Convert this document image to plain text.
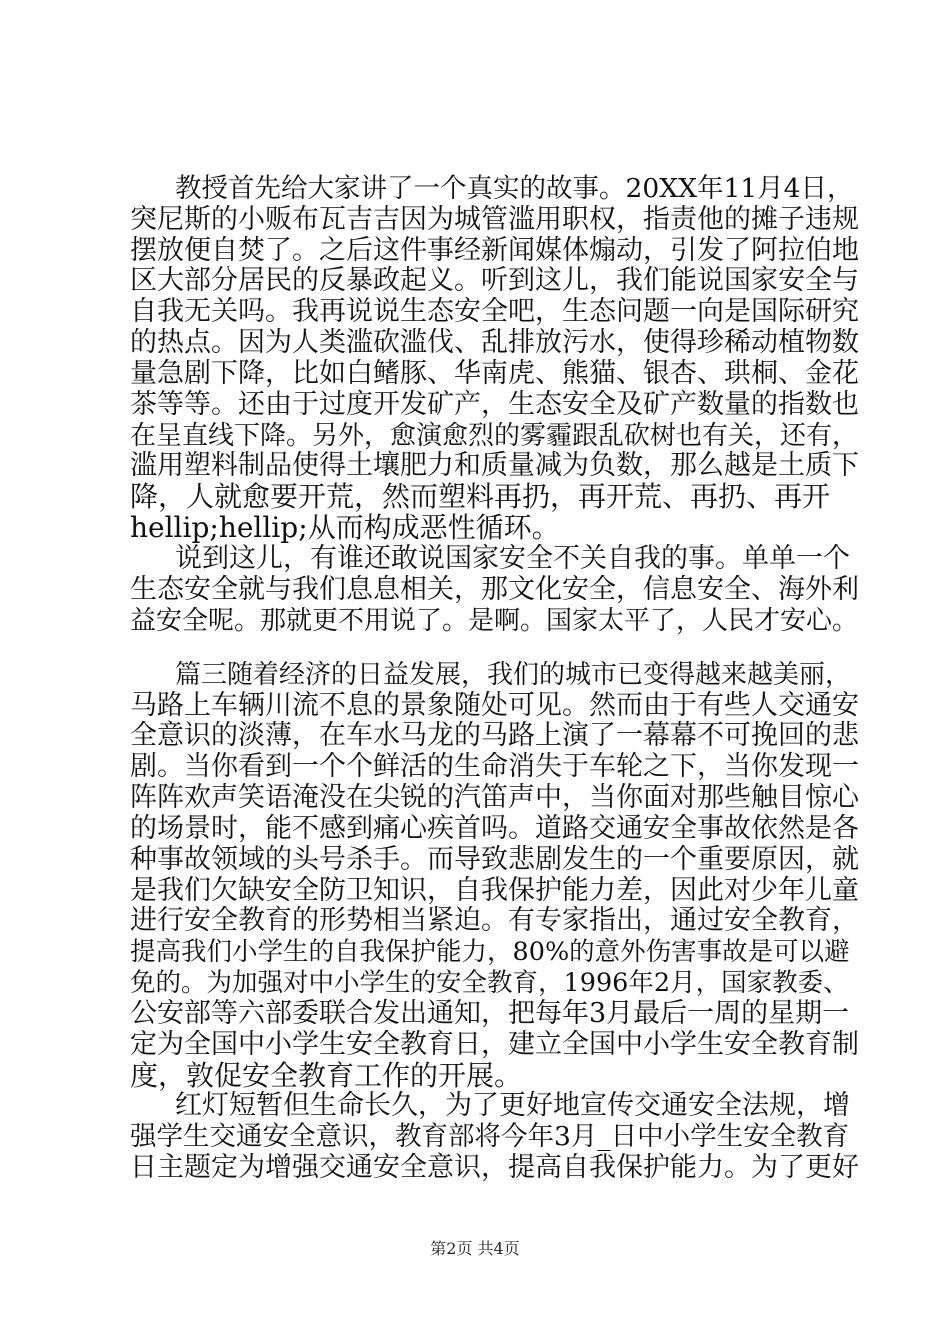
教授首先给大家讲了一个真实的故事。20XX年11月4日，
突尼斯的小贩布瓦吉吉因为城管滥用职权，指责他的摊子违规
摆放便自焚了。之后这件事经新闻媒体煽动，引发了阿拉伯地
区大部分居民的反暴政起义。听到这儿，我们能说国家安全与
自我无关吗。我再说说生态安全吧，生态问题一向是国际研究
的热点。因为人类滥砍滥伐、乱排放污水，使得珍稀动植物数
量急剧下降，比如白鳍豚、华南虎、熊猫、银杏、珙桐、金花
茶等等。还由于过度开发矿产，生态安全及矿产数量的指数也
在呈直线下降。另外，愈演愈烈的雾霾跟乱砍树也有关，还有，
滥用塑料制品使得土壤肥力和质量减为负数，那么越是土质下
降，人就愈要开荒，然而塑料再扔，再开荒、再扔、再开
hellip;hellip;从而构成恶性循环。
说到这儿，有谁还敢说国家安全不关自我的事。单单一个
生态安全就与我们息息相关，那文化安全，信息安全、海外利
益安全呢。那就更不用说了。是啊。国家太平了，人民才安心。
篇三随着经济的日益发展，我们的城市已变得越来越美丽，
马路上车辆川流不息的景象随处可见。然而由于有些人交通安
全意识的淡薄，在车水马龙的马路上演了一幕幕不可挽回的悲
剧。当你看到一个个鲜活的生命消失于车轮之下，当你发现一
阵阵欢声笑语淹没在尖锐的汽笛声中，当你面对那些触目惊心
的场景时，能不感到痛心疾首吗。道路交通安全事故依然是各
种事故领域的头号杀手。而导致悲剧发生的一个重要原因，就
是我们欠缺安全防卫知识，自我保护能力差，因此对少年儿童
进行安全教育的形势相当紧迫。有专家指出，通过安全教育，
提高我们小学生的自我保护能力，80%的意外伤害事故是可以避
免的。为加强对中小学生的安全教育，1996年2月，国家教委、
公安部等六部委联合发出通知，把每年3月最后一周的星期一
定为全国中小学生安全教育日，建立全国中小学生安全教育制
度，敦促安全教育工作的开展。
红灯短暂但生命长久，为了更好地宣传交通安全法规，增
强学生交通安全意识，教育部将今年3月_日中小学生安全教育
日主题定为增强交通安全意识，提高自我保护能力。为了更好
第2页 共4页
